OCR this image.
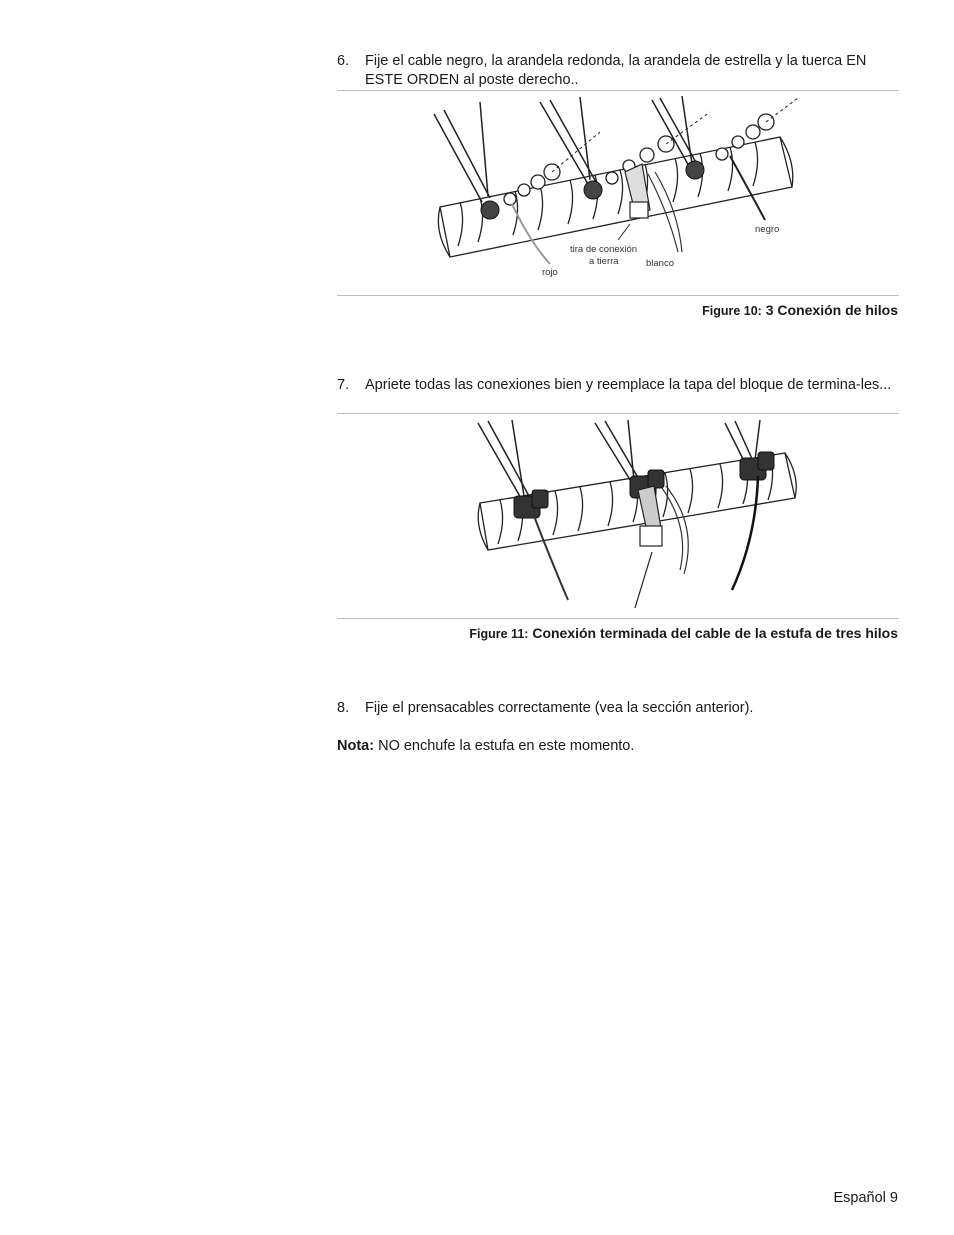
6. Fije el cable negro, la arandela redonda, la arandela de estrella y la tuerca EN ESTE ORDEN al poste derecho..
negro
tira de conexión
a tierra	blanco
rojo
Figure 10: 3 Conexión de hilos
7. Apriete todas las conexiones bien y reemplace la tapa del bloque de termina-les...
Figure 11: Conexión terminada del cable de la estufa de tres hilos
8. Fije el prensacables correctamente (vea la sección anterior).
Nota: NO enchufe la estufa en este momento.
Español 9
